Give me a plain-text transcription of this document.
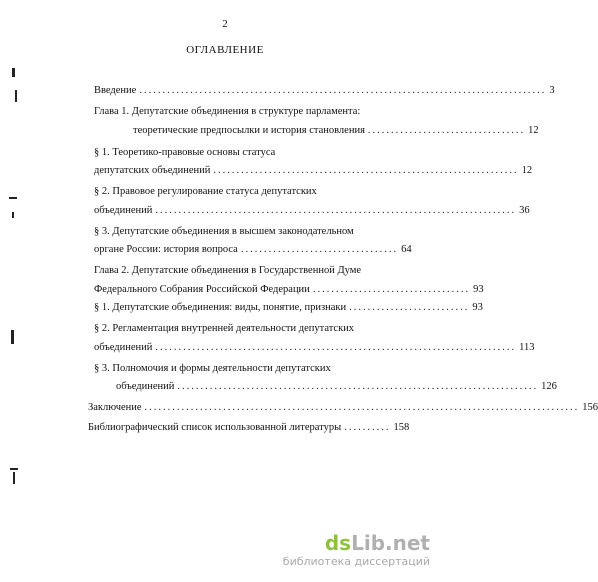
2
ОГЛАВЛЕНИЕ
Введение ........................................................................................ 3
Глава 1. Депутатские объединения в структуре парламента:
теоретические предпосылки и история становления .................................. 12
§ 1. Теоретико-правовые основы статуса
депутатских объединений .................................................................. 12
§ 2. Правовое регулирование статуса депутатских
объединений .............................................................................. 36
§ 3. Депутатские объединения в высшем законодательном
органе России: история вопроса .................................. 64
Глава 2. Депутатские объединения в Государственной Думе
Федерального Собрания Российской Федерации .................................. 93
§ 1. Депутатские объединения: виды, понятие, признаки .......................... 93
§ 2. Регламентация внутренней деятельности депутатских
объединений .............................................................................. 113
§ 3. Полномочия и формы деятельности депутатских
объединений .............................................................................. 126
Заключение .............................................................................................. 156
Библиографический список использованной литературы .......... 158
dsLib.net
библиотека диссертаций
